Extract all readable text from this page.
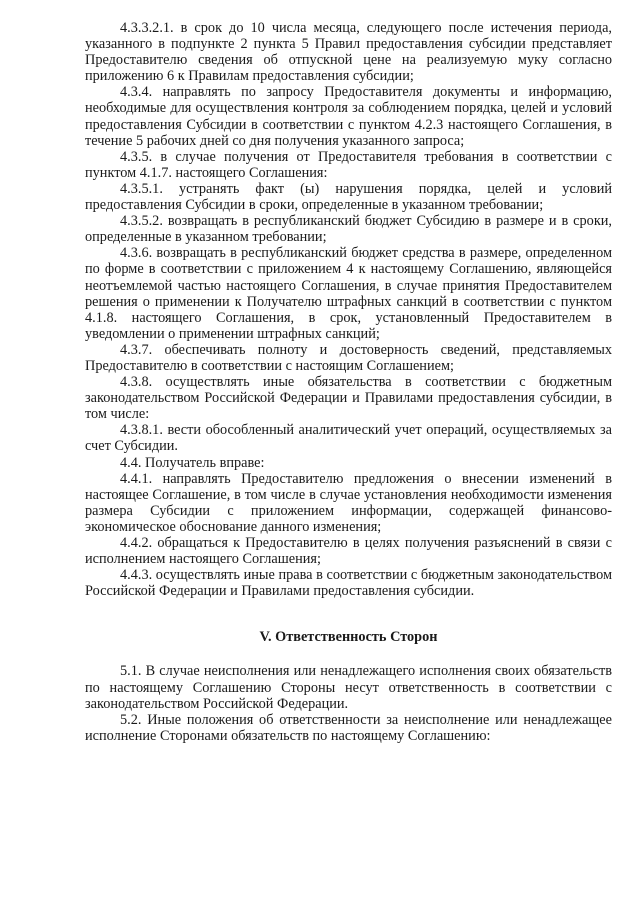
4.3.3.2.1. в срок до 10 числа месяца, следующего после истечения периода, указанного в подпункте 2 пункта 5 Правил предоставления субсидии представляет Предоставителю сведения об отпускной цене на реализуемую муку согласно приложению 6 к Правилам предоставления субсидии;

4.3.4. направлять по запросу Предоставителя документы и информацию, необходимые для осуществления контроля за соблюдением порядка, целей и условий предоставления Субсидии в соответствии с пунктом 4.2.3 настоящего Соглашения, в течение 5 рабочих дней со дня получения указанного запроса;

4.3.5. в случае получения от Предоставителя требования в соответствии с пунктом 4.1.7. настоящего Соглашения:

4.3.5.1. устранять факт (ы) нарушения порядка, целей и условий предоставления Субсидии в сроки, определенные в указанном требовании;

4.3.5.2. возвращать в республиканский бюджет Субсидию в размере и в сроки, определенные в указанном требовании;

4.3.6. возвращать в республиканский бюджет средства в размере, определенном по форме в соответствии с приложением 4 к настоящему Соглашению, являющейся неотъемлемой частью настоящего Соглашения, в случае принятия Предоставителем решения о применении к Получателю штрафных санкций в соответствии с пунктом 4.1.8. настоящего Соглашения, в срок, установленный Предоставителем в уведомлении о применении штрафных санкций;

4.3.7. обеспечивать полноту и достоверность сведений, представляемых Предоставителю в соответствии с настоящим Соглашением;

4.3.8. осуществлять иные обязательства в соответствии с бюджетным законодательством Российской Федерации и Правилами предоставления субсидии, в том числе:

4.3.8.1. вести обособленный аналитический учет операций, осуществляемых за счет Субсидии.

4.4. Получатель вправе:

4.4.1. направлять Предоставителю предложения о внесении изменений в настоящее Соглашение, в том числе в случае установления необходимости изменения размера Субсидии с приложением информации, содержащей финансово-экономическое обоснование данного изменения;

4.4.2. обращаться к Предоставителю в целях получения разъяснений в связи с исполнением настоящего Соглашения;

4.4.3. осуществлять иные права в соответствии с бюджетным законодательством Российской Федерации и Правилами предоставления субсидии.

V. Ответственность Сторон

5.1. В случае неисполнения или ненадлежащего исполнения своих обязательств по настоящему Соглашению Стороны несут ответственность в соответствии с законодательством Российской Федерации.

5.2. Иные положения об ответственности за неисполнение или ненадлежащее исполнение Сторонами обязательств по настоящему Соглашению:
